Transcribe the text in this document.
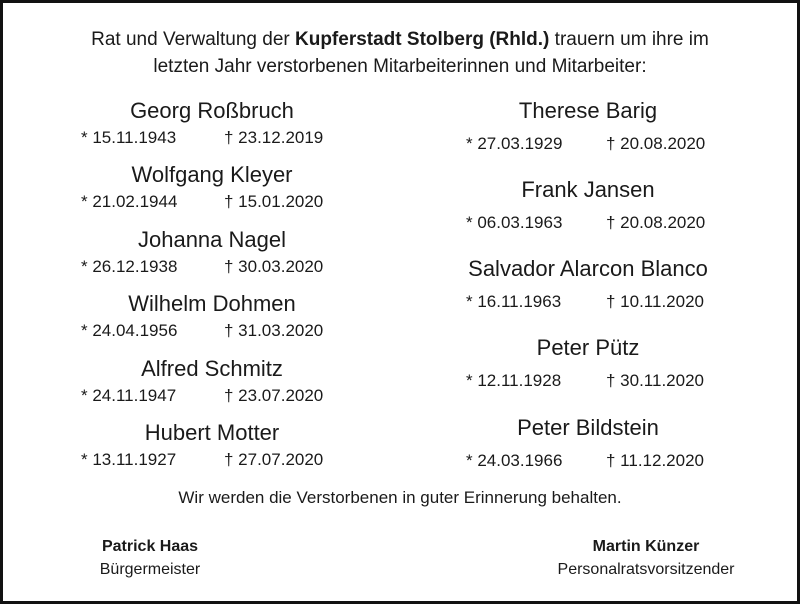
Rat und Verwaltung der Kupferstadt Stolberg (Rhld.) trauern um ihre im
letzten Jahr verstorbenen Mitarbeiterinnen und Mitarbeiter:
Georg Roßbruch
* 15.11.1943	† 23.12.2019
Wolfgang Kleyer
* 21.02.1944	† 15.01.2020
Johanna Nagel
* 26.12.1938	† 30.03.2020
Wilhelm Dohmen
* 24.04.1956	† 31.03.2020
Alfred Schmitz
* 24.11.1947	† 23.07.2020
Hubert Motter
* 13.11.1927	† 27.07.2020
Therese Barig
* 27.03.1929	† 20.08.2020
Frank Jansen
* 06.03.1963	† 20.08.2020
Salvador Alarcon Blanco
* 16.11.1963	† 10.11.2020
Peter Pütz
* 12.11.1928	† 30.11.2020
Peter Bildstein
* 24.03.1966	† 11.12.2020
Wir werden die Verstorbenen in guter Erinnerung behalten.
Patrick Haas
Bürgermeister
Martin Künzer
Personalratsvorsitzender
